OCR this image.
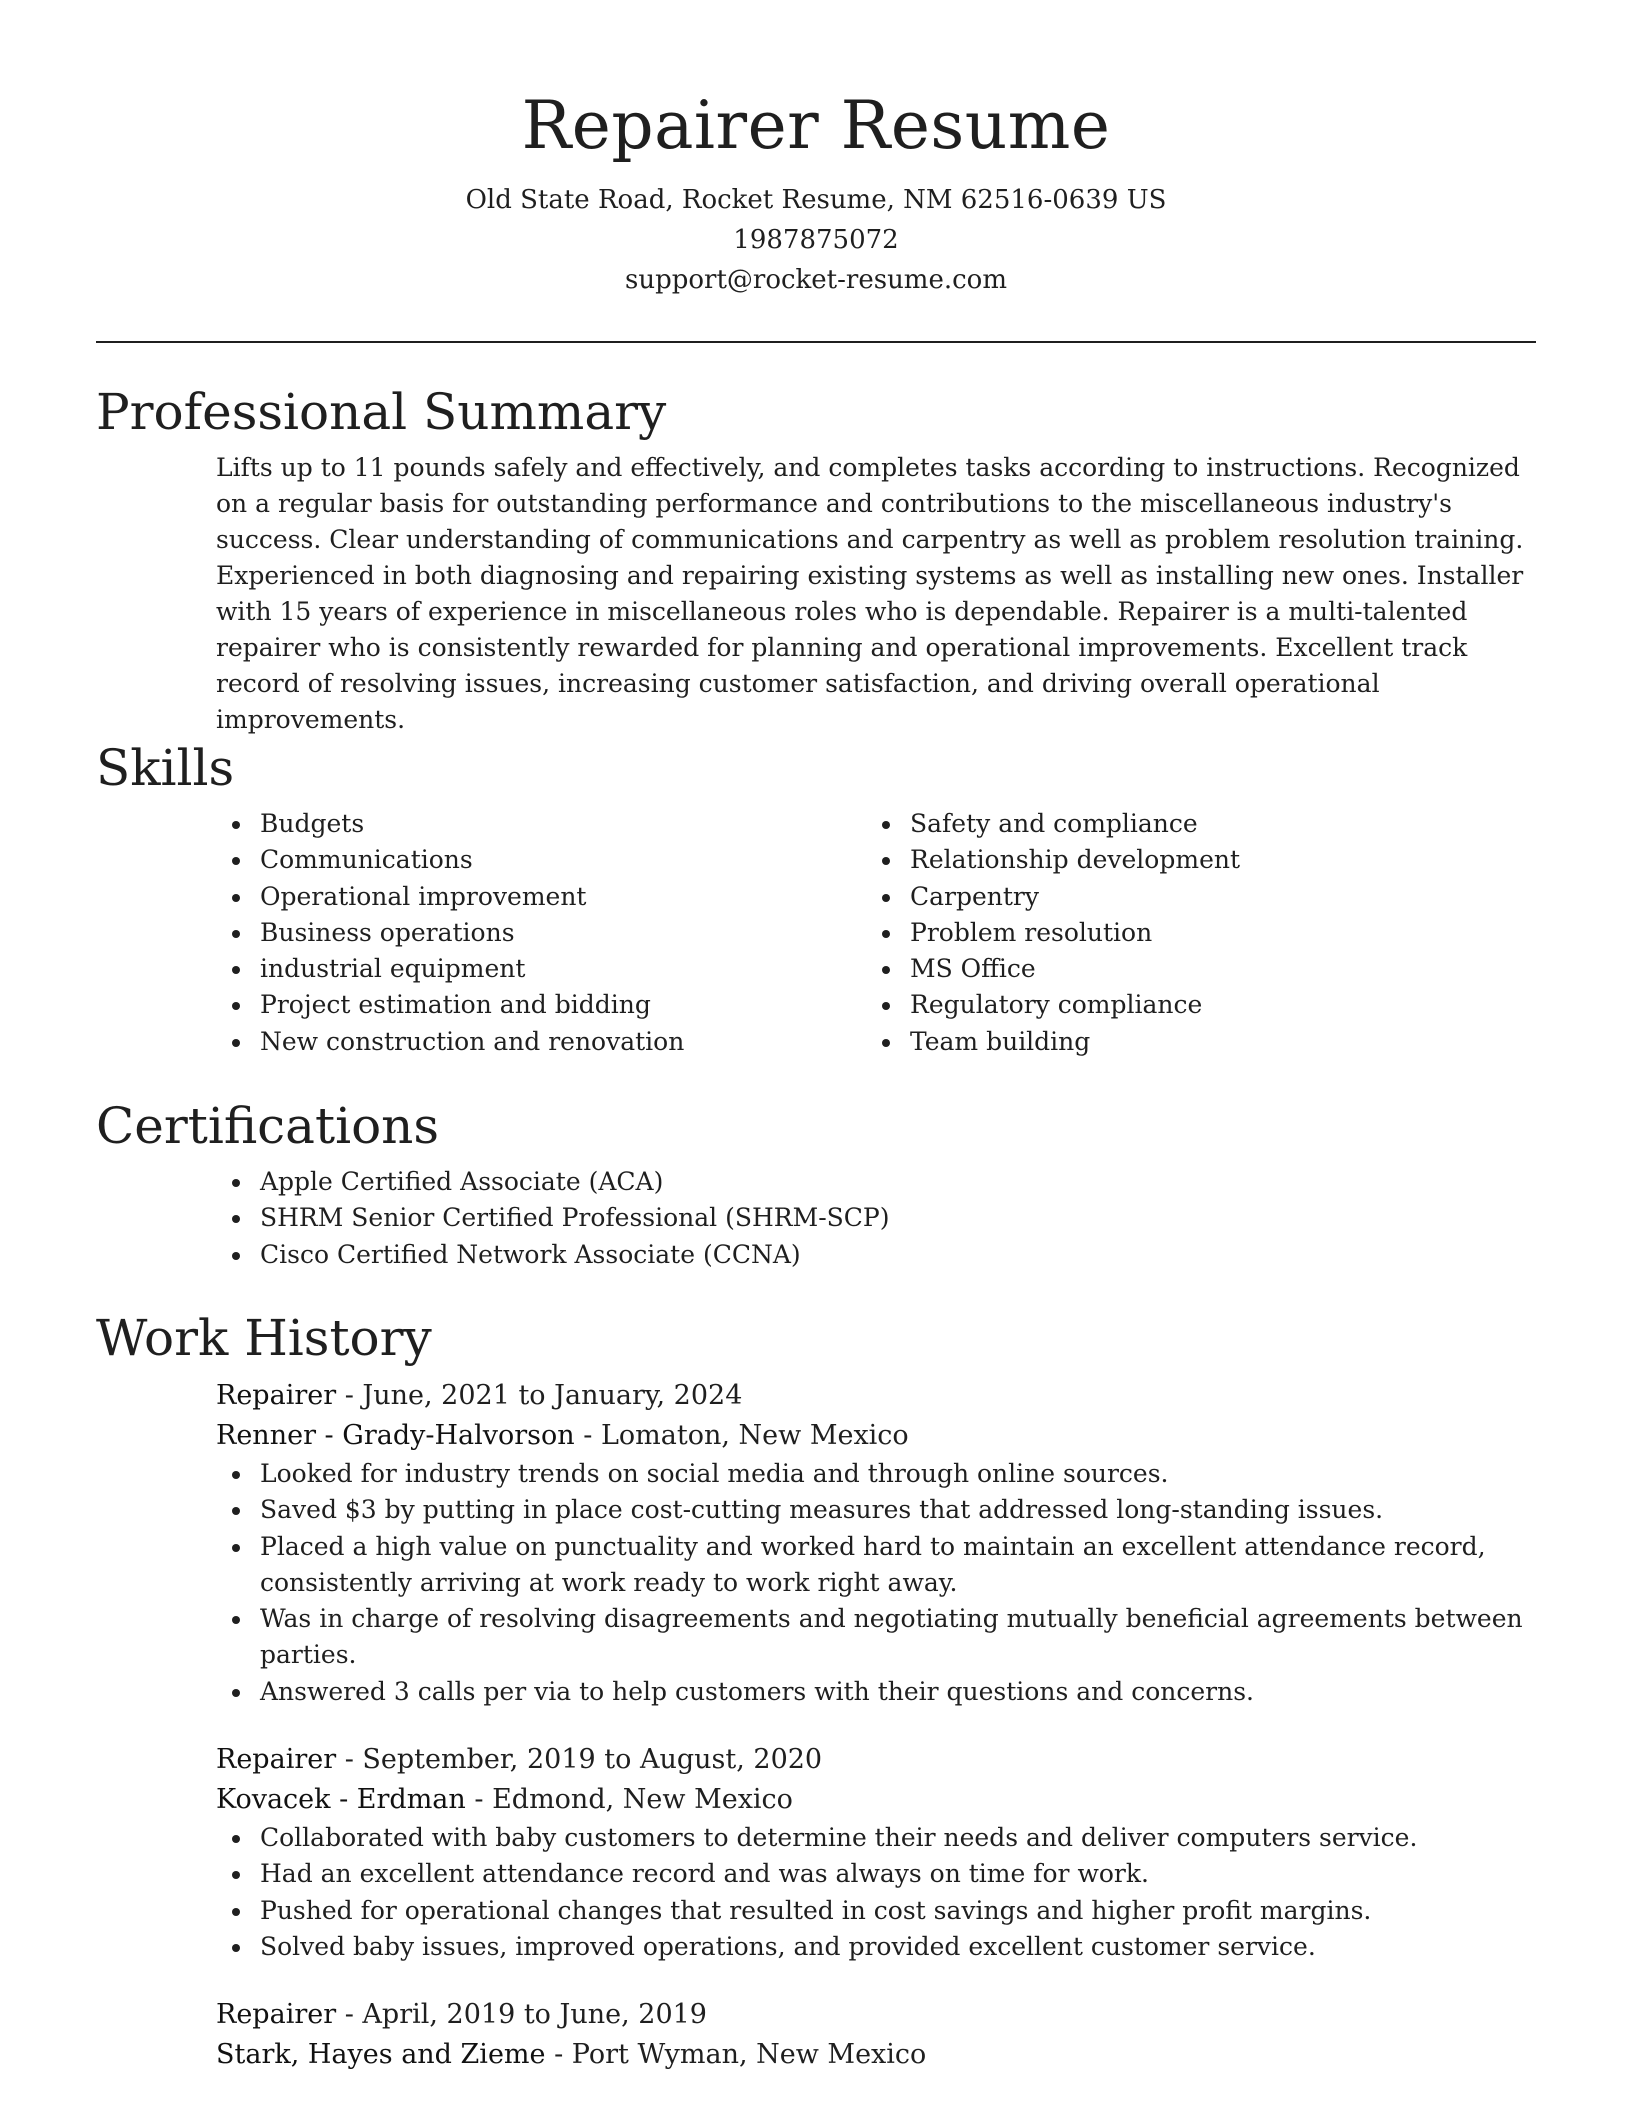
Repairer Resume

Old State Road, Rocket Resume, NM 62516-0639 US

1987875072

support@rocket-resume.com

Professional Summary

Lifts up to 11 pounds safely and effectively, and completes tasks according to instructions. Recognized on a regular basis for outstanding performance and contributions to the miscellaneous industry's success. Clear understanding of communications and carpentry as well as problem resolution training. Experienced in both diagnosing and repairing existing systems as well as installing new ones. Installer with 15 years of experience in miscellaneous roles who is dependable. Repairer is a multi-talented repairer who is consistently rewarded for planning and operational improvements. Excellent track record of resolving issues, increasing customer satisfaction, and driving overall operational improvements.

Skills
Budgets
Communications
Operational improvement
Business operations
industrial equipment
Project estimation and bidding
New construction and renovation
Safety and compliance
Relationship development
Carpentry
Problem resolution
MS Office
Regulatory compliance
Team building
Certifications
Apple Certified Associate (ACA)
SHRM Senior Certified Professional (SHRM-SCP)
Cisco Certified Network Associate (CCNA)
Work History

Repairer - June, 2021 to January, 2024

Renner - Grady-Halvorson - Lomaton, New Mexico

Looked for industry trends on social media and through online sources.
Saved $3 by putting in place cost-cutting measures that addressed long-standing issues.
Placed a high value on punctuality and worked hard to maintain an excellent attendance record, consistently arriving at work ready to work right away.
Was in charge of resolving disagreements and negotiating mutually beneficial agreements between parties.
Answered 3 calls per via to help customers with their questions and concerns.

Repairer - September, 2019 to August, 2020

Kovacek - Erdman - Edmond, New Mexico

Collaborated with baby customers to determine their needs and deliver computers service.
Had an excellent attendance record and was always on time for work.
Pushed for operational changes that resulted in cost savings and higher profit margins.
Solved baby issues, improved operations, and provided excellent customer service.

Repairer - April, 2019 to June, 2019

Stark, Hayes and Zieme - Port Wyman, New Mexico
